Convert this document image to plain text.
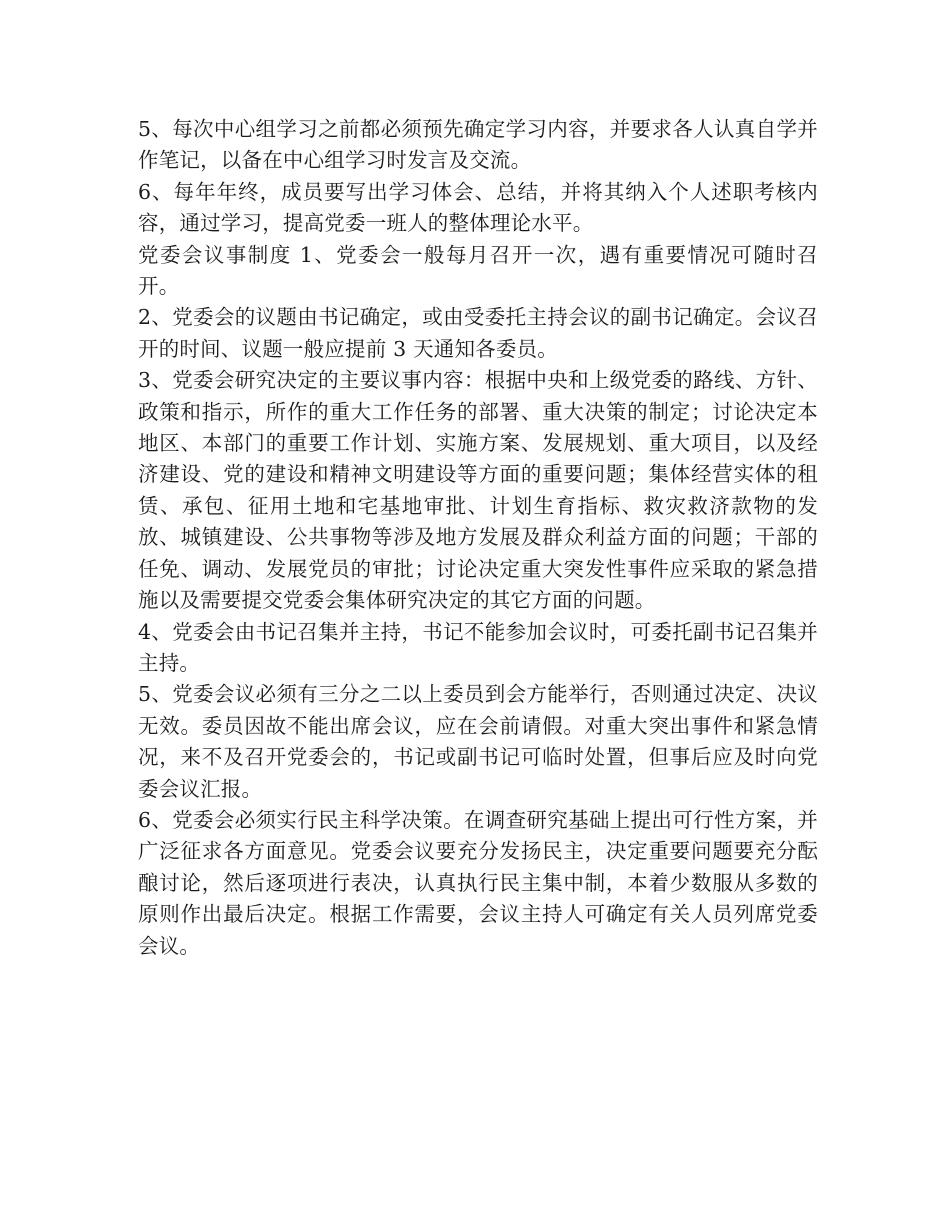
5、每次中心组学习之前都必须预先确定学习内容，并要求各人认真自学并作笔记，以备在中心组学习时发言及交流。

6、每年年终，成员要写出学习体会、总结，并将其纳入个人述职考核内容，通过学习，提高党委一班人的整体理论水平。

党委会议事制度 1、党委会一般每月召开一次，遇有重要情况可随时召开。

2、党委会的议题由书记确定，或由受委托主持会议的副书记确定。会议召开的时间、议题一般应提前 3 天通知各委员。

3、党委会研究决定的主要议事内容：根据中央和上级党委的路线、方针、政策和指示，所作的重大工作任务的部署、重大决策的制定；讨论决定本地区、本部门的重要工作计划、实施方案、发展规划、重大项目，以及经济建设、党的建设和精神文明建设等方面的重要问题；集体经营实体的租赁、承包、征用土地和宅基地审批、计划生育指标、救灾救济款物的发放、城镇建设、公共事物等涉及地方发展及群众利益方面的问题；干部的任免、调动、发展党员的审批；讨论决定重大突发性事件应采取的紧急措施以及需要提交党委会集体研究决定的其它方面的问题。

4、党委会由书记召集并主持，书记不能参加会议时，可委托副书记召集并主持。

5、党委会议必须有三分之二以上委员到会方能举行，否则通过决定、决议无效。委员因故不能出席会议，应在会前请假。对重大突出事件和紧急情况，来不及召开党委会的，书记或副书记可临时处置，但事后应及时向党委会议汇报。

6、党委会必须实行民主科学决策。在调查研究基础上提出可行性方案，并广泛征求各方面意见。党委会议要充分发扬民主，决定重要问题要充分酝酿讨论，然后逐项进行表决，认真执行民主集中制，本着少数服从多数的原则作出最后决定。根据工作需要，会议主持人可确定有关人员列席党委会议。
